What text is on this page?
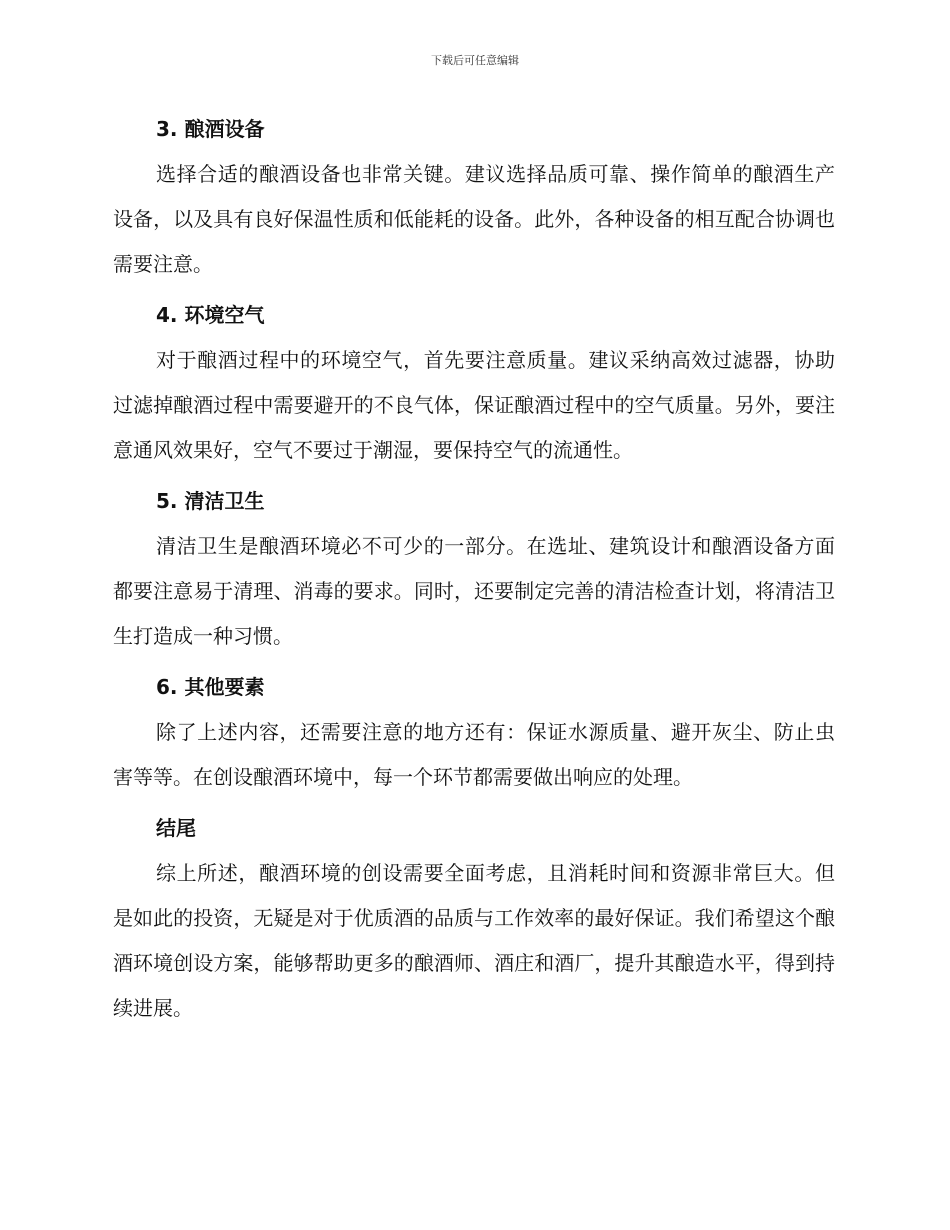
下载后可任意编辑
3. 酿酒设备

选择合适的酿酒设备也非常关键。建议选择品质可靠、操作简单的酿酒生产设备，以及具有良好保温性质和低能耗的设备。此外，各种设备的相互配合协调也需要注意。

4. 环境空气

对于酿酒过程中的环境空气，首先要注意质量。建议采纳高效过滤器，协助过滤掉酿酒过程中需要避开的不良气体，保证酿酒过程中的空气质量。另外，要注意通风效果好，空气不要过于潮湿，要保持空气的流通性。

5. 清洁卫生

清洁卫生是酿酒环境必不可少的一部分。在选址、建筑设计和酿酒设备方面都要注意易于清理、消毒的要求。同时，还要制定完善的清洁检查计划，将清洁卫生打造成一种习惯。

6. 其他要素

除了上述内容，还需要注意的地方还有：保证水源质量、避开灰尘、防止虫害等等。在创设酿酒环境中，每一个环节都需要做出响应的处理。

结尾

综上所述，酿酒环境的创设需要全面考虑，且消耗时间和资源非常巨大。但是如此的投资，无疑是对于优质酒的品质与工作效率的最好保证。我们希望这个酿酒环境创设方案，能够帮助更多的酿酒师、酒庄和酒厂，提升其酿造水平，得到持续进展。
